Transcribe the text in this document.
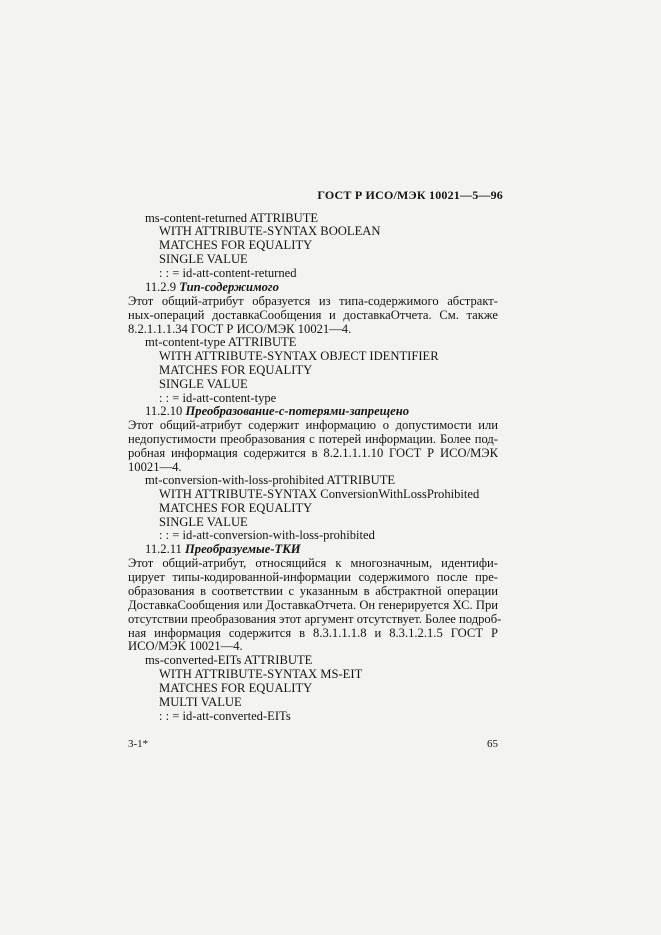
ГОСТ Р ИСО/МЭК 10021—5—96
ms-content-returned ATTRIBUTE
WITH ATTRIBUTE-SYNTAX BOOLEAN
MATCHES FOR EQUALITY
SINGLE VALUE
: : = id-att-content-returned
11.2.9 Тип-содержимого
Этот общий-атрибут образуется из типа-содержимого абстракт-
ных-операций доставкаСообщения и доставкаОтчета. См. также
8.2.1.1.1.34 ГОСТ Р ИСО/МЭК 10021—4.
mt-content-type ATTRIBUTE
WITH ATTRIBUTE-SYNTAX OBJECT IDENTIFIER
MATCHES FOR EQUALITY
SINGLE VALUE
: : = id-att-content-type
11.2.10 Преобразование-с-потерями-запрещено
Этот общий-атрибут содержит информацию о допустимости или
недопустимости преобразования с потерей информации. Более под-
робная информация содержится в 8.2.1.1.1.10 ГОСТ Р ИСО/МЭК
10021—4.
mt-conversion-with-loss-prohibited ATTRIBUTE
WITH ATTRIBUTE-SYNTAX ConversionWithLossProhibited
MATCHES FOR EQUALITY
SINGLE VALUE
: : = id-att-conversion-with-loss-prohibited
11.2.11 Преобразуемые-ТКИ
Этот общий-атрибут, относящийся к многозначным, идентифи-
цирует типы-кодированной-информации содержимого после пре-
образования в соответствии с указанным в абстрактной операции
ДоставкаСообщения или ДоставкаОтчета. Он генерируется ХС. При
отсутствии преобразования этот аргумент отсутствует. Более подроб-
ная информация содержится в 8.3.1.1.1.8 и 8.3.1.2.1.5 ГОСТ Р
ИСО/МЭК 10021—4.
ms-converted-EITs ATTRIBUTE
WITH ATTRIBUTE-SYNTAX MS-EIT
MATCHES FOR EQUALITY
MULTI VALUE
: : = id-att-converted-EITs
3-1*	65
